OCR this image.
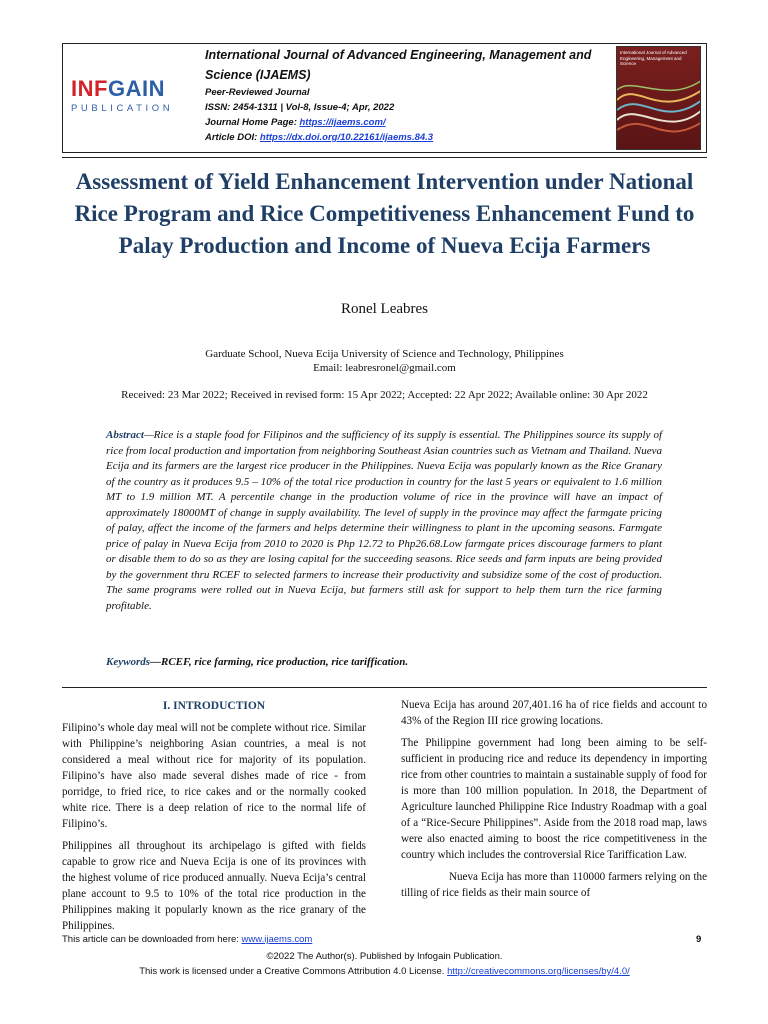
INFGAIN
PUBLICATION
International Journal of Advanced Engineering, Management and Science (IJAEMS)
Peer-Reviewed Journal
ISSN: 2454-1311 | Vol-8, Issue-4; Apr, 2022
Journal Home Page: https://ijaems.com/
Article DOI: https://dx.doi.org/10.22161/ijaems.84.3
International Journal of Advanced Engineering, Management and Science
Assessment of Yield Enhancement Intervention under National Rice Program and Rice Competitiveness Enhancement Fund to Palay Production and Income of Nueva Ecija Farmers
Ronel Leabres
Garduate School, Nueva Ecija University of Science and Technology, Philippines
Email: leabresronel@gmail.com
Received: 23 Mar 2022; Received in revised form: 15 Apr 2022; Accepted: 22 Apr 2022; Available online: 30 Apr 2022
Abstract—Rice is a staple food for Filipinos and the sufficiency of its supply is essential. The Philippines source its supply of rice from local production and importation from neighboring Southeast Asian countries such as Vietnam and Thailand. Nueva Ecija and its farmers are the largest rice producer in the Philippines. Nueva Ecija was popularly known as the Rice Granary of the country as it produces 9.5 – 10% of the total rice production in country for the last 5 years or equivalent to 1.6 million MT to 1.9 million MT. A percentile change in the production volume of rice in the province will have an impact of approximately 18000MT of change in supply availability. The level of supply in the province may affect the farmgate pricing of palay, affect the income of the farmers and helps determine their willingness to plant in the upcoming seasons. Farmgate price of palay in Nueva Ecija from 2010 to 2020 is Php 12.72 to Php26.68.Low farmgate prices discourage farmers to plant or disable them to do so as they are losing capital for the succeeding seasons. Rice seeds and farm inputs are being provided by the government thru RCEF to selected farmers to increase their productivity and subsidize some of the cost of production. The same programs were rolled out in Nueva Ecija, but farmers still ask for support to help them turn the rice farming profitable.
Keywords—RCEF, rice farming, rice production, rice tariffication.
I. INTRODUCTION

Filipino’s whole day meal will not be complete without rice. Similar with Philippine’s neighboring Asian countries, a meal is not considered a meal without rice for majority of its population. Filipino’s have also made several dishes made of rice - from porridge, to fried rice, to rice cakes and or the normally cooked white rice. There is a deep relation of rice to the normal life of Filipino’s.

Philippines all throughout its archipelago is gifted with fields capable to grow rice and Nueva Ecija is one of its provinces with the highest volume of rice produced annually. Nueva Ecija’s central plane account to 9.5 to 10% of the total rice production in the Philippines making it popularly known as the rice granary of the Philippines.

Nueva Ecija has around 207,401.16 ha of rice fields and account to 43% of the Region III rice growing locations.

The Philippine government had long been aiming to be self-sufficient in producing rice and reduce its dependency in importing rice from other countries to maintain a sustainable supply of food for is more than 100 million population. In 2018, the Department of Agriculture launched Philippine Rice Industry Roadmap with a goal of a “Rice-Secure Philippines”. Aside from the 2018 road map, laws were also enacted aiming to boost the rice competitiveness in the country which includes the controversial Rice Tariffication Law.

Nueva Ecija has more than 110000 farmers relying on the tilling of rice fields as their main source of

This article can be downloaded from here: www.ijaems.com	9
©2022 The Author(s). Published by Infogain Publication.
This work is licensed under a Creative Commons Attribution 4.0 License. http://creativecommons.org/licenses/by/4.0/
